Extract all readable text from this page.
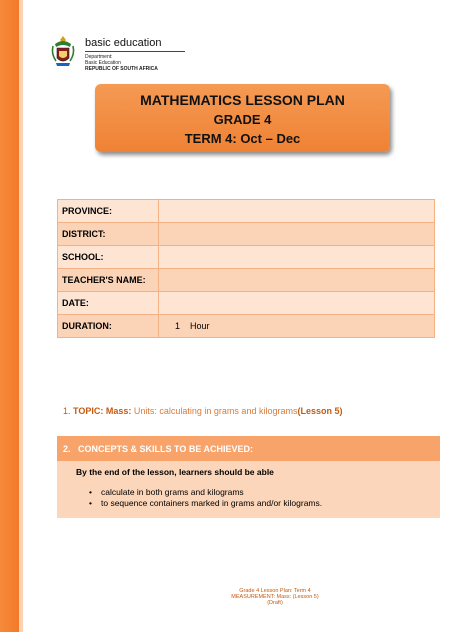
basic education
Department:
Basic Education
REPUBLIC OF SOUTH AFRICA
MATHEMATICS LESSON PLAN
GRADE 4
TERM 4: Oct – Dec
PROVINCE:	
DISTRICT:	
SCHOOL:	
TEACHER'S NAME:	
DATE:	
DURATION:	1    Hour
1. TOPIC: Mass: Units: calculating in grams and kilograms(Lesson 5)
2.   CONCEPTS & SKILLS TO BE ACHIEVED:
By the end of the lesson, learners should be able
• calculate in both grams and kilograms
• to sequence containers marked in grams and/or kilograms.
Grade 4 Lesson Plan: Term 4
MEASUREMENT: Mass: (Lesson 5)
(Draft)
